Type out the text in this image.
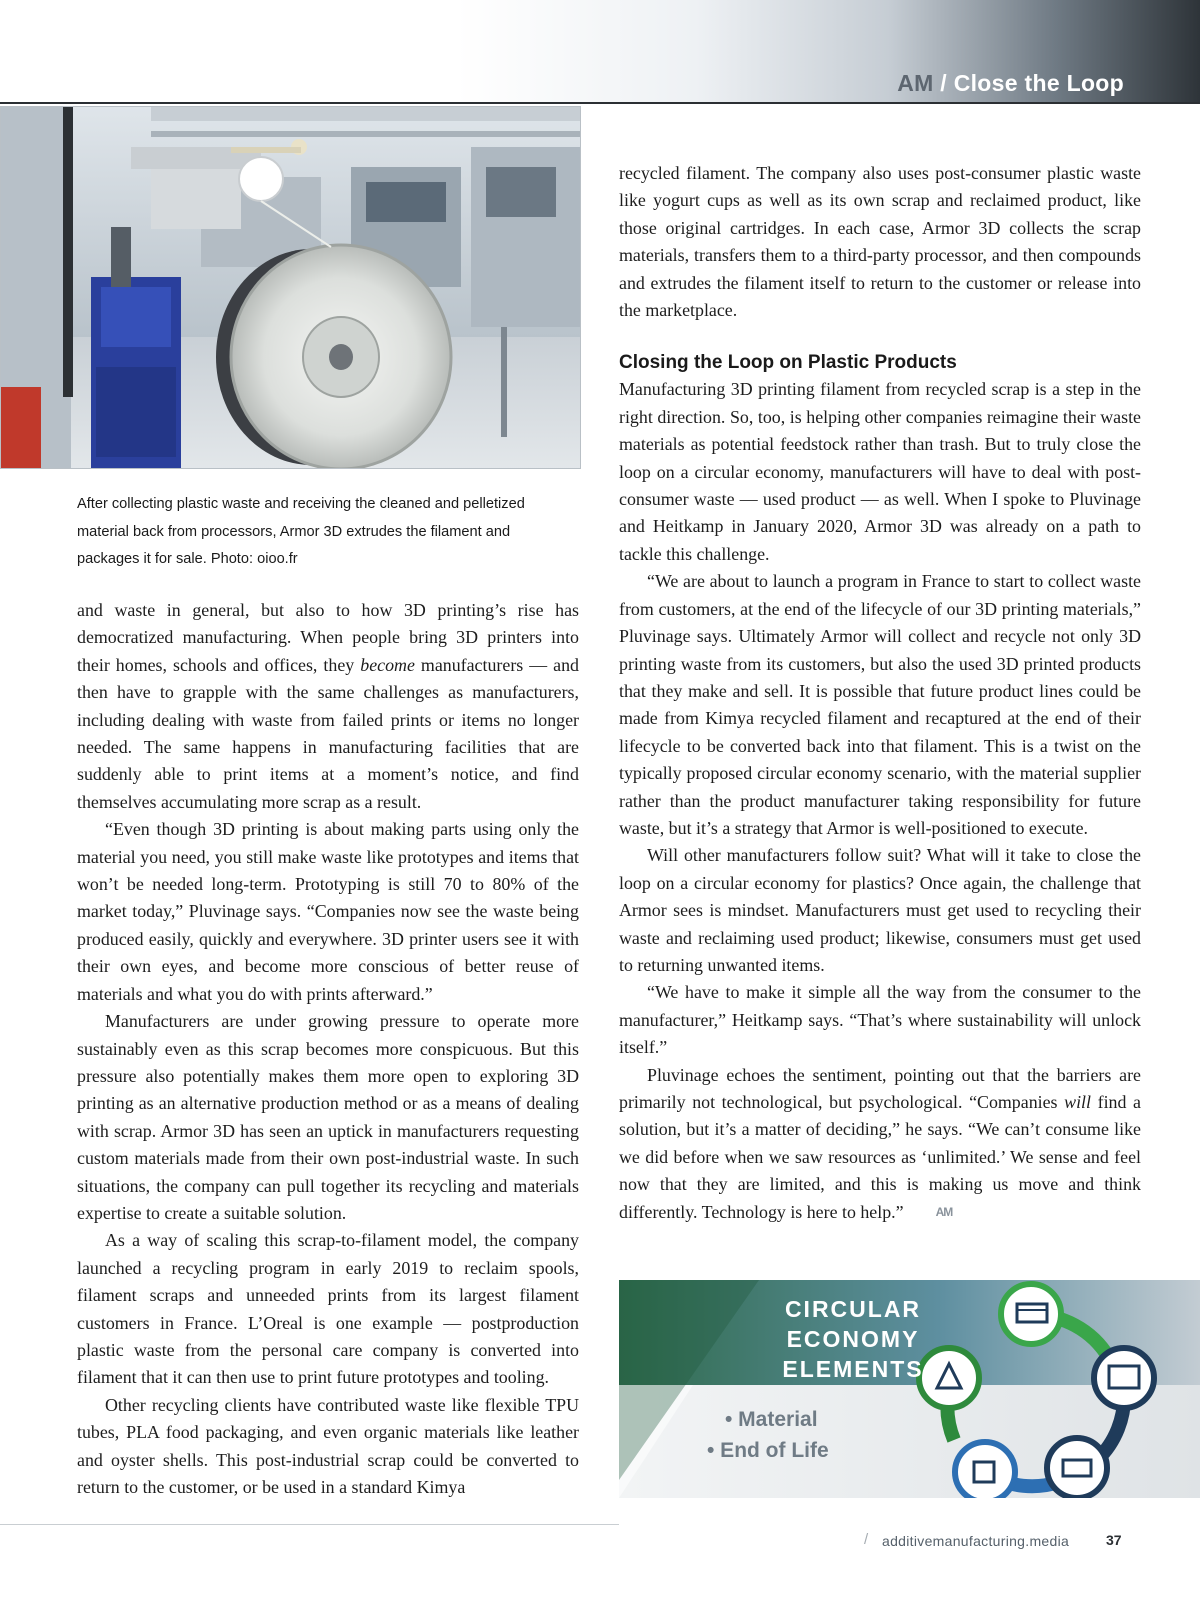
AM / Close the Loop
After collecting plastic waste and receiving the cleaned and pelletized material back from processors, Armor 3D extrudes the filament and packages it for sale. Photo: oioo.fr

and waste in general, but also to how 3D printing’s rise has democratized manufacturing. When people bring 3D printers into their homes, schools and offices, they become manufacturers — and then have to grapple with the same challenges as manufacturers, including dealing with waste from failed prints or items no longer needed. The same happens in manufacturing facilities that are suddenly able to print items at a moment’s notice, and find themselves accumulating more scrap as a result.

“Even though 3D printing is about making parts using only the material you need, you still make waste like prototypes and items that won’t be needed long-term. Prototyping is still 70 to 80% of the market today,” Pluvinage says. “Companies now see the waste being produced easily, quickly and everywhere. 3D printer users see it with their own eyes, and become more conscious of better reuse of materials and what you do with prints afterward.”

Manufacturers are under growing pressure to operate more sustainably even as this scrap becomes more conspicuous. But this pressure also potentially makes them more open to exploring 3D printing as an alternative production method or as a means of dealing with scrap. Armor 3D has seen an uptick in manufacturers requesting custom materials made from their own post-industrial waste. In such situations, the company can pull together its recycling and materials expertise to create a suitable solution.

As a way of scaling this scrap-to-filament model, the company launched a recycling program in early 2019 to reclaim spools, filament scraps and unneeded prints from its largest filament customers in France. L’Oreal is one example — postproduction plastic waste from the personal care company is converted into filament that it can then use to print future prototypes and tooling.

Other recycling clients have contributed waste like flexible TPU tubes, PLA food packaging, and even organic materials like leather and oyster shells. This post-industrial scrap could be converted to return to the customer, or be used in a standard Kimya

recycled filament. The company also uses post-consumer plastic waste like yogurt cups as well as its own scrap and reclaimed product, like those original cartridges. In each case, Armor 3D collects the scrap materials, transfers them to a third-party processor, and then compounds and extrudes the filament itself to return to the customer or release into the marketplace.

Closing the Loop on Plastic Products

Manufacturing 3D printing filament from recycled scrap is a step in the right direction. So, too, is helping other companies reimagine their waste materials as potential feedstock rather than trash. But to truly close the loop on a circular economy, manufacturers will have to deal with post-consumer waste — used product — as well. When I spoke to Pluvinage and Heitkamp in January 2020, Armor 3D was already on a path to tackle this challenge.

“We are about to launch a program in France to start to collect waste from customers, at the end of the lifecycle of our 3D printing materials,” Pluvinage says. Ultimately Armor will collect and recycle not only 3D printing waste from its customers, but also the used 3D printed products that they make and sell. It is possible that future product lines could be made from Kimya recycled filament and recaptured at the end of their lifecycle to be converted back into that filament. This is a twist on the typically proposed circular economy scenario, with the material supplier rather than the product manufacturer taking responsibility for future waste, but it’s a strategy that Armor is well-positioned to execute.

Will other manufacturers follow suit? What will it take to close the loop on a circular economy for plastics? Once again, the challenge that Armor sees is mindset. Manufacturers must get used to recycling their waste and reclaiming used product; likewise, consumers must get used to returning unwanted items.

“We have to make it simple all the way from the consumer to the manufacturer,” Heitkamp says. “That’s where sustainability will unlock itself.”

Pluvinage echoes the sentiment, pointing out that the barriers are primarily not technological, but psychological. “Companies will find a solution, but it’s a matter of deciding,” he says. “We can’t consume like we did before when we saw resources as ‘unlimited.’ We sense and feel now that they are limited, and this is making us move and think differently. Technology is here to help.”	AM

CIRCULAR
ECONOMY
ELEMENTS
• Material
• End of Life
/ additivemanufacturing.media	37
